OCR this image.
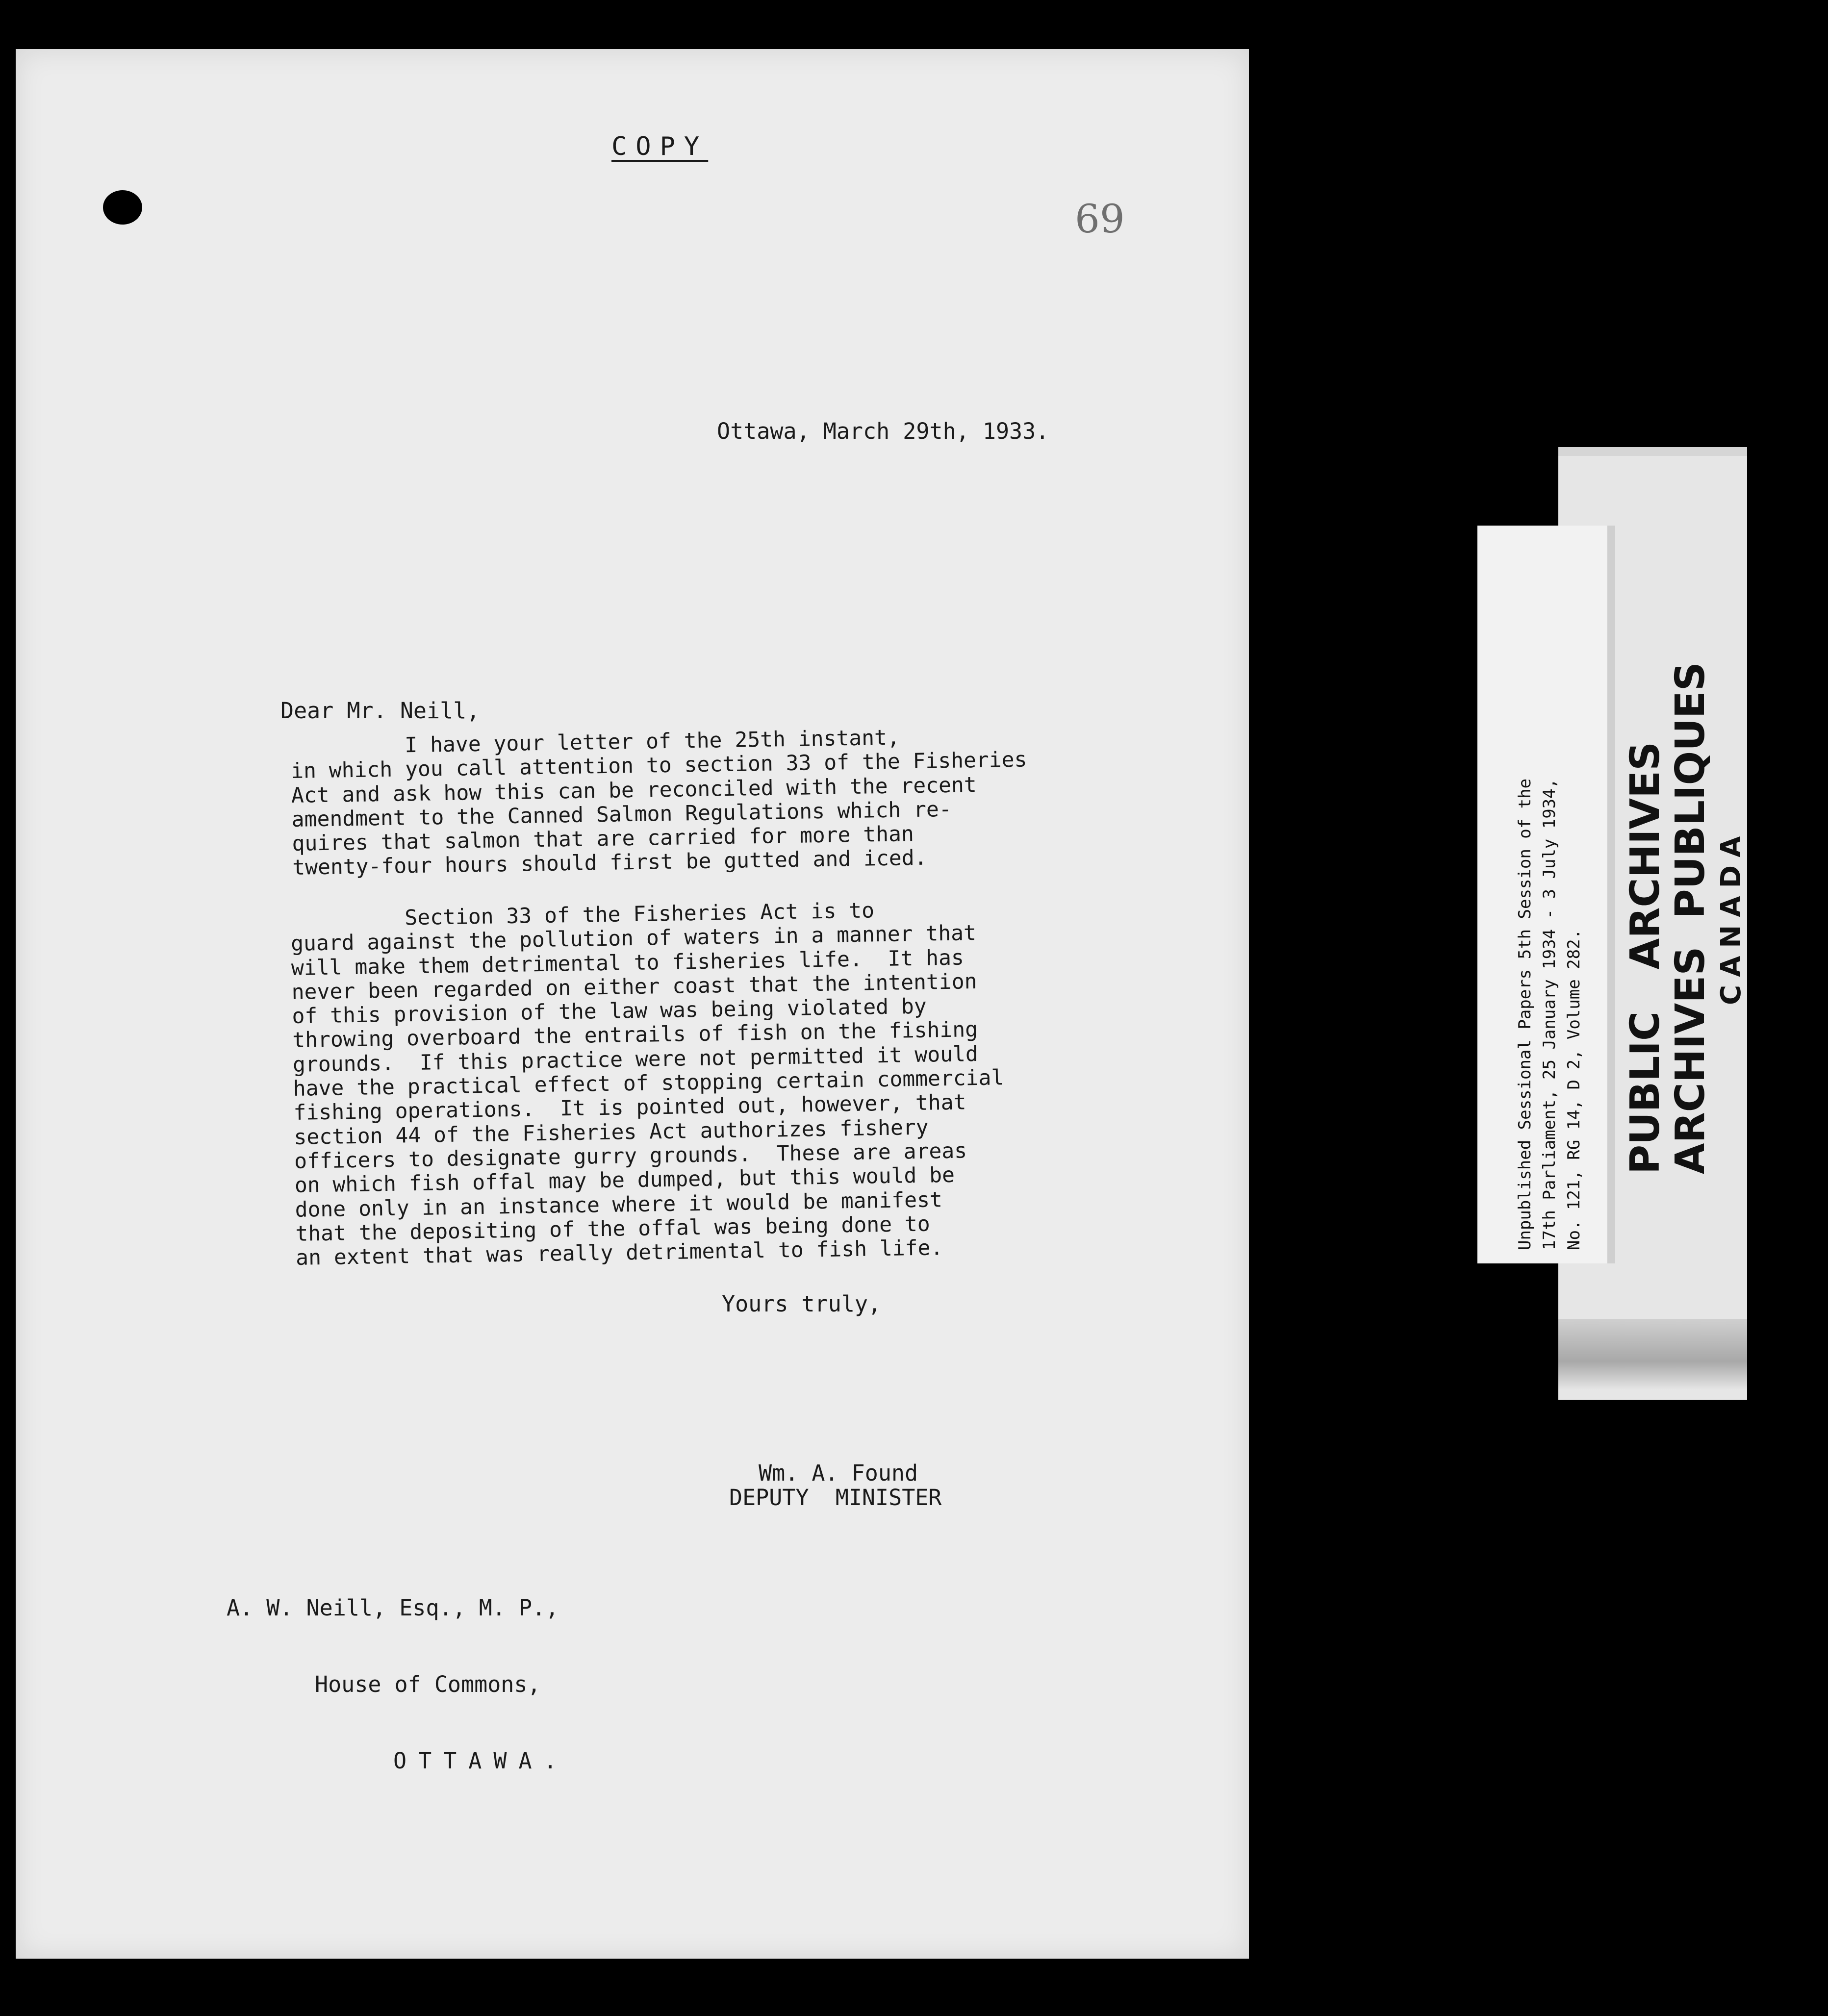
COPY

69

Ottawa, March 29th, 1933.

Dear Mr. Neill,

I have your letter of the 25th instant,
in which you call attention to section 33 of the Fisheries
Act and ask how this can be reconciled with the recent
amendment to the Canned Salmon Regulations which re-
quires that salmon that are carried for more than
twenty-four hours should first be gutted and iced.

Section 33 of the Fisheries Act is to
guard against the pollution of waters in a manner that
will make them detrimental to fisheries life.  It has
never been regarded on either coast that the intention
of this provision of the law was being violated by
throwing overboard the entrails of fish on the fishing
grounds.  If this practice were not permitted it would
have the practical effect of stopping certain commercial
fishing operations.  It is pointed out, however, that
section 44 of the Fisheries Act authorizes fishery
officers to designate gurry grounds.  These are areas
on which fish offal may be dumped, but this would be
done only in an instance where it would be manifest
that the depositing of the offal was being done to
an extent that was really detrimental to fish life.

Yours truly,

Wm. A. Found

DEPUTY  MINISTER

A. W. Neill, Esq., M. P.,

House of Commons,

OTTAWA.

Unpublished Sessional Papers 5th Session of the 17th Parliament, 25 January 1934 - 3 July 1934, No. 121, RG 14, D 2, Volume 282. PUBLIC   ARCHIVES
ARCHIVES  PUBLIQUES CANADA
